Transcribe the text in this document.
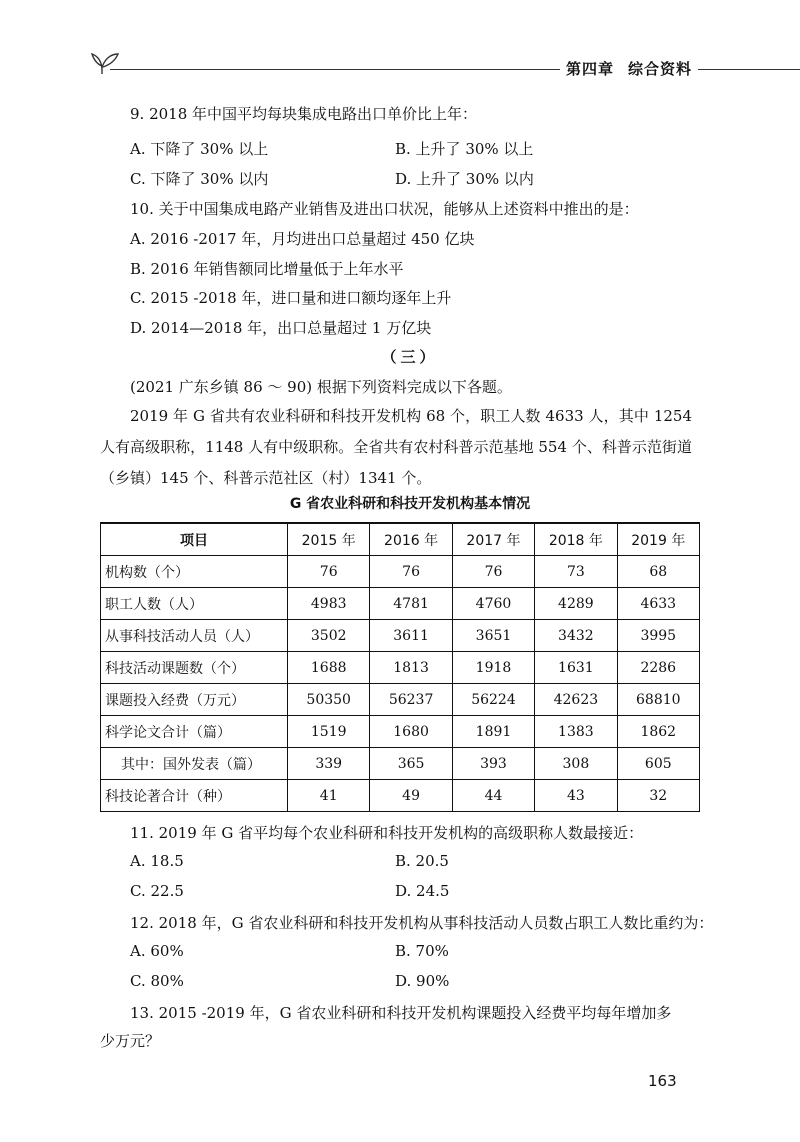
第四章 综合资料
9. 2018 年中国平均每块集成电路出口单价比上年：
A. 下降了 30% 以上	B. 上升了 30% 以上
C. 下降了 30% 以内	D. 上升了 30% 以内
10. 关于中国集成电路产业销售及进出口状况，能够从上述资料中推出的是：
A. 2016 -2017 年，月均进出口总量超过 450 亿块
B. 2016 年销售额同比增量低于上年水平
C. 2015 -2018 年，进口量和进口额均逐年上升
D. 2014—2018 年，出口总量超过 1 万亿块
（三）
(2021 广东乡镇 86 ～ 90) 根据下列资料完成以下各题。
2019 年 G 省共有农业科研和科技开发机构 68 个，职工人数 4633 人，其中 1254 人有高级职称，1148 人有中级职称。全省共有农村科普示范基地 554 个、科普示范街道（乡镇）145 个、科普示范社区（村）1341 个。
G 省农业科研和科技开发机构基本情况
项目	2015 年	2016 年	2017 年	2018 年	2019 年
机构数（个）	76	76	76	73	68
职工人数（人）	4983	4781	4760	4289	4633
从事科技活动人员（人）	3502	3611	3651	3432	3995
科技活动课题数（个）	1688	1813	1918	1631	2286
课题投入经费（万元）	50350	56237	56224	42623	68810
科学论文合计（篇）	1519	1680	1891	1383	1862
其中：国外发表（篇）	339	365	393	308	605
科技论著合计（种）	41	49	44	43	32
11. 2019 年 G 省平均每个农业科研和科技开发机构的高级职称人数最接近：
A. 18.5	B. 20.5
C. 22.5	D. 24.5
12. 2018 年，G 省农业科研和科技开发机构从事科技活动人员数占职工人数比重约为：
A. 60%	B. 70%
C. 80%	D. 90%
13. 2015 -2019 年，G 省农业科研和科技开发机构课题投入经费平均每年增加多
少万元？
163
